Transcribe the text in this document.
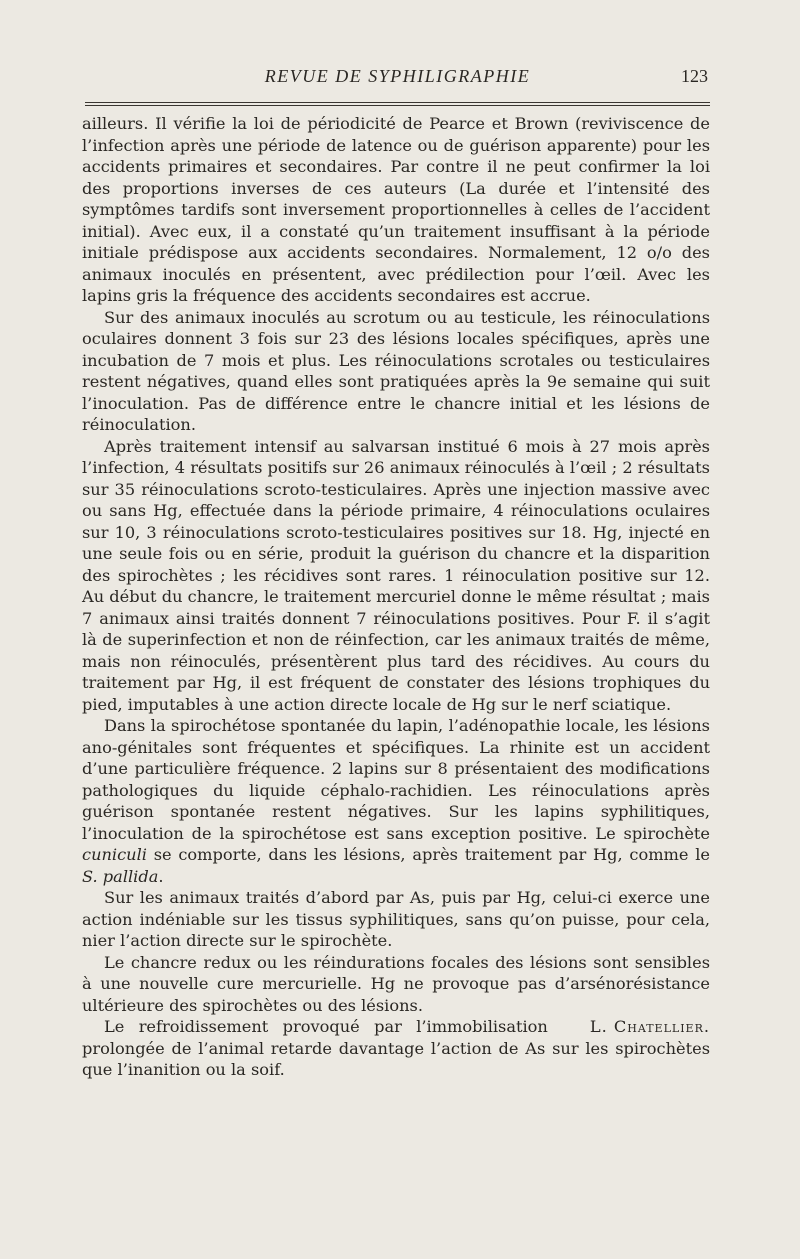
REVUE DE SYPHILIGRAPHIE	123

ailleurs. Il vérifie la loi de périodicité de Pearce et Brown (reviviscence de l’infection après une période de latence ou de guérison apparente) pour les accidents primaires et secondaires. Par contre il ne peut confirmer la loi des proportions inverses de ces auteurs (La durée et l’intensité des symptômes tardifs sont inversement proportionnelles à celles de l’accident initial). Avec eux, il a constaté qu’un traitement insuffisant à la période initiale prédispose aux accidents secondaires. Normalement, 12 o/o des animaux inoculés en présentent, avec prédilection pour l’œil. Avec les lapins gris la fréquence des accidents secondaires est accrue.

Sur des animaux inoculés au scrotum ou au testicule, les réinoculations oculaires donnent 3 fois sur 23 des lésions locales spécifiques, après une incubation de 7 mois et plus. Les réinoculations scrotales ou testiculaires restent négatives, quand elles sont pratiquées après la 9e semaine qui suit l’inoculation. Pas de différence entre le chancre initial et les lésions de réinoculation.

Après traitement intensif au salvarsan institué 6 mois à 27 mois après l’infection, 4 résultats positifs sur 26 animaux réinoculés à l’œil ; 2 résultats sur 35 réinoculations scroto-testiculaires. Après une injection massive avec ou sans Hg, effectuée dans la période primaire, 4 réinoculations oculaires sur 10, 3 réinoculations scroto-testiculaires positives sur 18. Hg, injecté en une seule fois ou en série, produit la guérison du chancre et la disparition des spirochètes ; les récidives sont rares. 1 réinoculation positive sur 12. Au début du chancre, le traitement mercuriel donne le même résultat ; mais 7 animaux ainsi traités donnent 7 réinoculations positives. Pour F. il s’agit là de superinfection et non de réinfection, car les animaux traités de même, mais non réinoculés, présentèrent plus tard des récidives. Au cours du traitement par Hg, il est fréquent de constater des lésions trophiques du pied, imputables à une action directe locale de Hg sur le nerf sciatique.

Dans la spirochétose spontanée du lapin, l’adénopathie locale, les lésions ano-génitales sont fréquentes et spécifiques. La rhinite est un accident d’une particulière fréquence. 2 lapins sur 8 présentaient des modifications pathologiques du liquide céphalo-rachidien. Les réinoculations après guérison spontanée restent négatives. Sur les lapins syphilitiques, l’inoculation de la spirochétose est sans exception positive. Le spirochète cuniculi se comporte, dans les lésions, après traitement par Hg, comme le S. pallida.

Sur les animaux traités d’abord par As, puis par Hg, celui-ci exerce une action indéniable sur les tissus syphilitiques, sans qu’on puisse, pour cela, nier l’action directe sur le spirochète.

Le chancre redux ou les réindurations focales des lésions sont sensibles à une nouvelle cure mercurielle. Hg ne provoque pas d’arsénorésistance ultérieure des spirochètes ou des lésions.

L. Chatellier.
Le refroidissement provoqué par l’immobilisation prolongée de l’animal retarde davantage l’action de As sur les spirochètes que l’inanition ou la soif.
